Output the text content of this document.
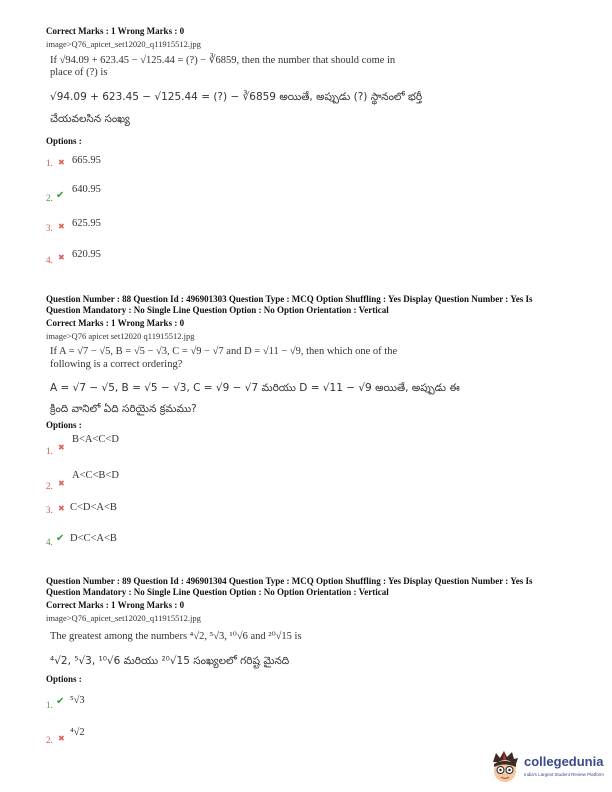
Correct Marks : 1 Wrong Marks : 0
image>Q76_apicet_set12020_q11915512.jpg
If √94.09 + 623.45 − √125.44 = (?) − ∛6859, then the number that should come in
place of (?) is
√94.09 + 623.45 − √125.44 = (?) − ∛6859 అయితే, అప్పుడు (?) స్థానంలో భర్తీ
చేయవలసిన సంఖ్య
Options :
1. ✖ 665.95
2. ✔
640.95
3. ✖ 625.95
4. ✖ 620.95
Question Number : 88 Question Id : 496901303 Question Type : MCQ Option Shuffling : Yes Display Question Number : Yes Is
Question Mandatory : No Single Line Question Option : No Option Orientation : Vertical
Correct Marks : 1 Wrong Marks : 0
image>Q76 apicet set12020 q11915512.jpg
If A = √7 − √5, B = √5 − √3, C = √9 − √7 and D = √11 − √9, then which one of the
following is a correct ordering?
A = √7 − √5, B = √5 − √3, C = √9 − √7 మరియు D = √11 − √9 అయితే, అప్పుడు ఈ
క్రింది వానిలో ఏది సరియైన క్రమము?
Options :
1. ✖
B<A<C<D
2. ✖
A<C<B<D
3. ✖ C<D<A<B
4. ✔ D<C<A<B
Question Number : 89 Question Id : 496901304 Question Type : MCQ Option Shuffling : Yes Display Question Number : Yes Is
Question Mandatory : No Single Line Question Option : No Option Orientation : Vertical
Correct Marks : 1 Wrong Marks : 0
image>Q76_apicet_set12020_q11915512.jpg
The greatest among the numbers ⁴√2, ⁵√3, ¹⁰√6 and ²⁰√15 is
⁴√2, ⁵√3, ¹⁰√6 మరియు ²⁰√15 సంఖ్యలలో గరిష్ట మైనది
Options :
1. ✔ ⁵√3
2. ✖
⁴√2
collegedunia
India's Largest Student Review Platform
